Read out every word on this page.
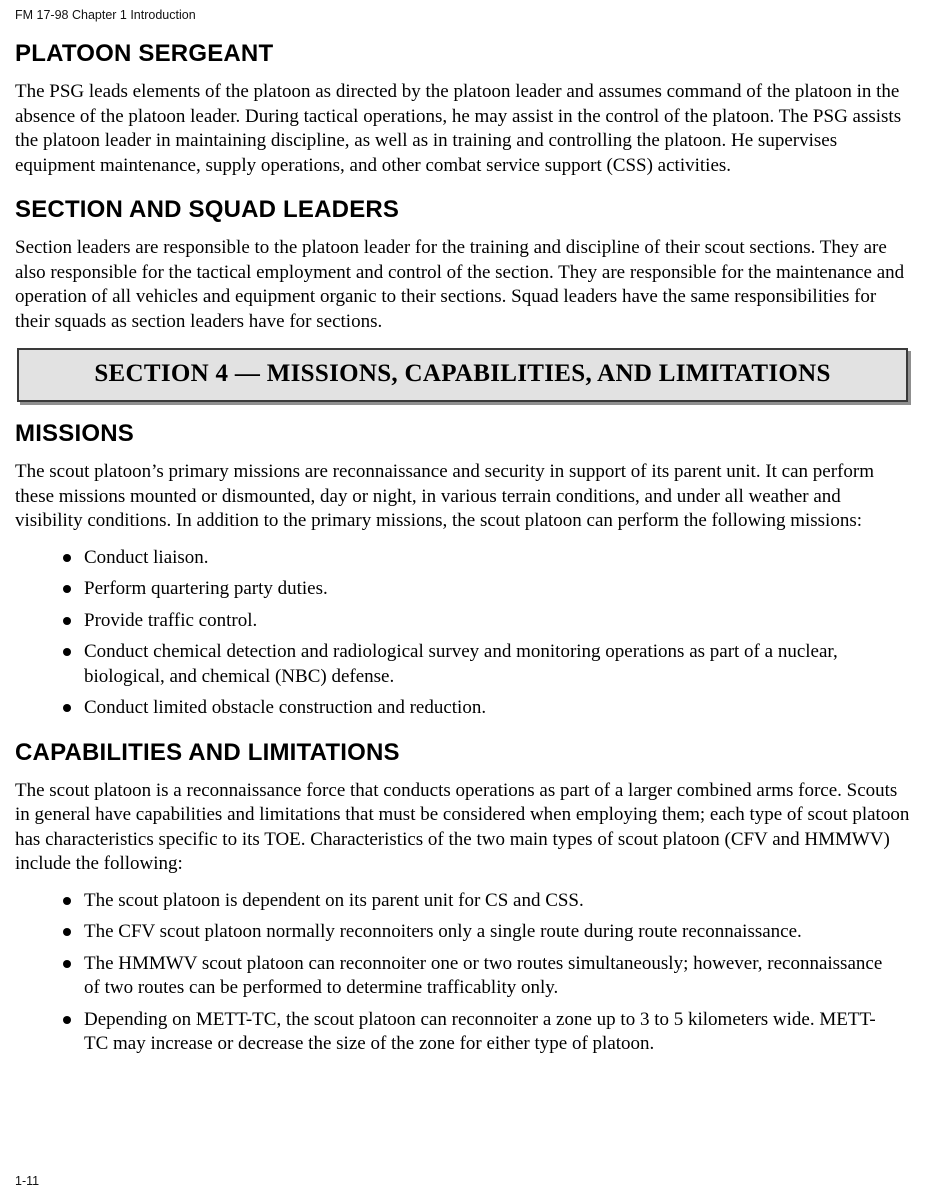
FM 17-98 Chapter 1 Introduction
PLATOON SERGEANT

The PSG leads elements of the platoon as directed by the platoon leader and assumes command of the platoon in the absence of the platoon leader. During tactical operations, he may assist in the control of the platoon. The PSG assists the platoon leader in maintaining discipline, as well as in training and controlling the platoon. He supervises equipment maintenance, supply operations, and other combat service support (CSS) activities.

SECTION AND SQUAD LEADERS

Section leaders are responsible to the platoon leader for the training and discipline of their scout sections. They are also responsible for the tactical employment and control of the section. They are responsible for the maintenance and operation of all vehicles and equipment organic to their sections. Squad leaders have the same responsibilities for their squads as section leaders have for sections.

SECTION 4 — MISSIONS, CAPABILITIES, AND LIMITATIONS
MISSIONS

The scout platoon’s primary missions are reconnaissance and security in support of its parent unit. It can perform these missions mounted or dismounted, day or night, in various terrain conditions, and under all weather and visibility conditions. In addition to the primary missions, the scout platoon can perform the following missions:

Conduct liaison.
Perform quartering party duties.
Provide traffic control.
Conduct chemical detection and radiological survey and monitoring operations as part of a nuclear, biological, and chemical (NBC) defense.
Conduct limited obstacle construction and reduction.
CAPABILITIES AND LIMITATIONS

The scout platoon is a reconnaissance force that conducts operations as part of a larger combined arms force. Scouts in general have capabilities and limitations that must be considered when employing them; each type of scout platoon has characteristics specific to its TOE. Characteristics of the two main types of scout platoon (CFV and HMMWV) include the following:

The scout platoon is dependent on its parent unit for CS and CSS.
The CFV scout platoon normally reconnoiters only a single route during route reconnaissance.
The HMMWV scout platoon can reconnoiter one or two routes simultaneously; however, reconnaissance of two routes can be performed to determine trafficablity only.
Depending on METT-TC, the scout platoon can reconnoiter a zone up to 3 to 5 kilometers wide. METT-TC may increase or decrease the size of the zone for either type of platoon.
1-11
